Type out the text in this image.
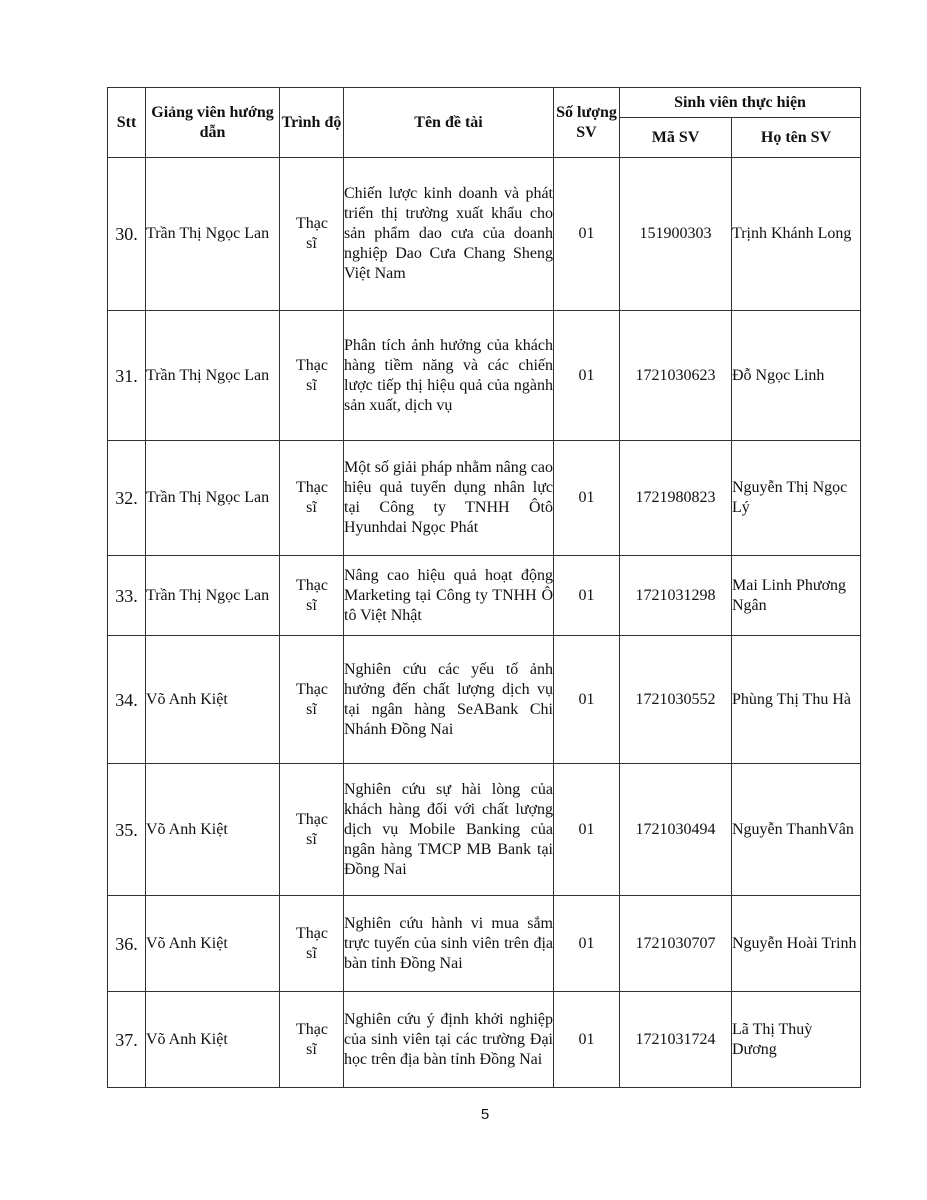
Stt	Giảng viên hướng dẫn	Trình độ	Tên đề tài	Số lượng SV	Sinh viên thực hiện	
					Mã SV	Họ tên SV
30.	Trần Thị Ngọc Lan	Thạc sĩ	Chiến lược kinh doanh và phát triển thị trường xuất khẩu cho sản phẩm dao cưa của doanh nghiệp Dao Cưa Chang Sheng Việt Nam	01	151900303	Trịnh Khánh Long
31.	Trần Thị Ngọc Lan	Thạc sĩ	Phân tích ảnh hưởng của khách hàng tiềm năng và các chiến lược tiếp thị hiệu quả của ngành sản xuất, dịch vụ	01	1721030623	Đỗ Ngọc Linh
32.	Trần Thị Ngọc Lan	Thạc sĩ	Một số giải pháp nhằm nâng cao hiệu quả tuyển dụng nhân lực tại Công ty TNHH Ôtô Hyunhdai Ngọc Phát	01	1721980823	Nguyễn Thị Ngọc Lý
33.	Trần Thị Ngọc Lan	Thạc sĩ	Nâng cao hiệu quả hoạt động Marketing tại Công ty TNHH Ô tô Việt Nhật	01	1721031298	Mai Linh Phương Ngân
34.	Võ Anh Kiệt	Thạc sĩ	Nghiên cứu các yếu tố ảnh hưởng đến chất lượng dịch vụ tại ngân hàng SeABank Chi Nhánh Đồng Nai	01	1721030552	Phùng Thị Thu Hà
35.	Võ Anh Kiệt	Thạc sĩ	Nghiên cứu sự hài lòng của khách hàng đối với chất lượng dịch vụ Mobile Banking của ngân hàng TMCP MB Bank tại Đồng Nai	01	1721030494	Nguyễn ThanhVân
36.	Võ Anh Kiệt	Thạc sĩ	Nghiên cứu hành vi mua sắm trực tuyến của sinh viên trên địa bàn tỉnh Đồng Nai	01	1721030707	Nguyễn Hoài Trinh
37.	Võ Anh Kiệt	Thạc sĩ	Nghiên cứu ý định khởi nghiệp của sinh viên tại các trường Đại học trên địa bàn tỉnh Đồng Nai	01	1721031724	Lã Thị Thuỳ Dương
5
